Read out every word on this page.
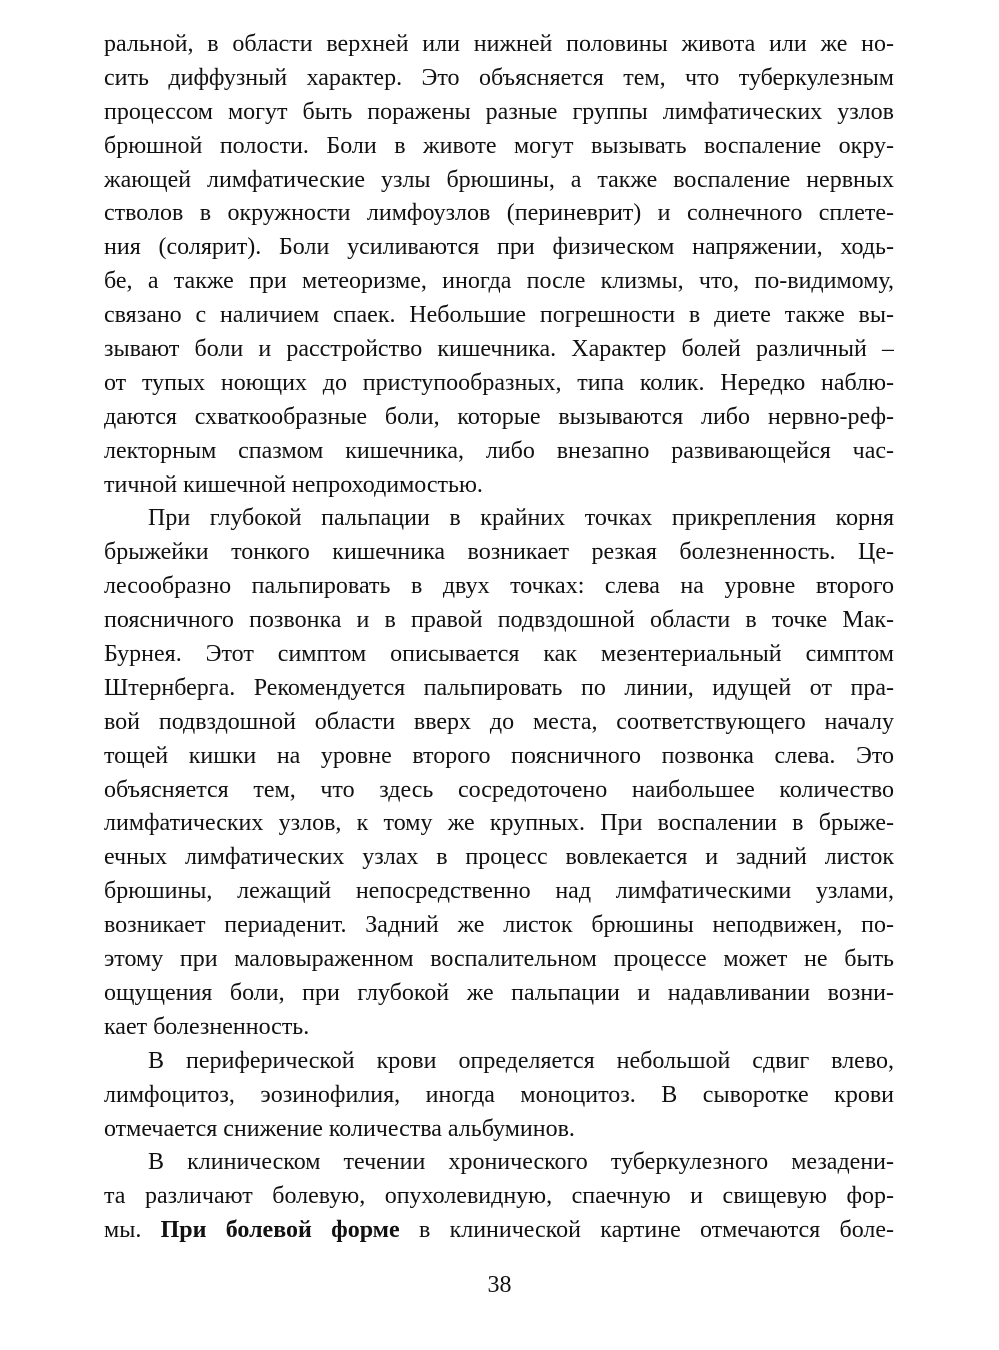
ральной, в области верхней или нижней половины живота или же но-
сить диффузный характер. Это объясняется тем, что туберкулезным
процессом могут быть поражены разные группы лимфатических узлов
брюшной полости. Боли в животе могут вызывать воспаление окру-
жающей лимфатические узлы брюшины, а также воспаление нервных
стволов в окружности лимфоузлов (периневрит) и солнечного сплете-
ния (солярит). Боли усиливаются при физическом напряжении, ходь-
бе, а также при метеоризме, иногда после клизмы, что, по-видимому,
связано с наличием спаек. Небольшие погрешности в диете также вы-
зывают боли и расстройство кишечника. Характер болей различный –
от тупых ноющих до приступообразных, типа колик. Нередко наблю-
даются схваткообразные боли, которые вызываются либо нервно-реф-
лекторным спазмом кишечника, либо внезапно развивающейся час-
тичной кишечной непроходимостью.
При глубокой пальпации в крайних точках прикрепления корня
брыжейки тонкого кишечника возникает резкая болезненность. Це-
лесообразно пальпировать в двух точках: слева на уровне второго
поясничного позвонка и в правой подвздошной области в точке Мак-
Бурнея. Этот симптом описывается как мезентериальный симптом
Штернберга. Рекомендуется пальпировать по линии, идущей от пра-
вой подвздошной области вверх до места, соответствующего началу
тощей кишки на уровне второго поясничного позвонка слева. Это
объясняется тем, что здесь сосредоточено наибольшее количество
лимфатических узлов, к тому же крупных. При воспалении в брыже-
ечных лимфатических узлах в процесс вовлекается и задний листок
брюшины, лежащий непосредственно над лимфатическими узлами,
возникает периаденит. Задний же листок брюшины неподвижен, по-
этому при маловыраженном воспалительном процессе может не быть
ощущения боли, при глубокой же пальпации и надавливании возни-
кает болезненность.
В периферической крови определяется небольшой сдвиг влево,
лимфоцитоз, эозинофилия, иногда моноцитоз. В сыворотке крови
отмечается снижение количества альбуминов.
В клиническом течении хронического туберкулезного мезадени-
та различают болевую, опухолевидную, спаечную и свищевую фор-
мы. При болевой форме в клинической картине отмечаются боле-
38
